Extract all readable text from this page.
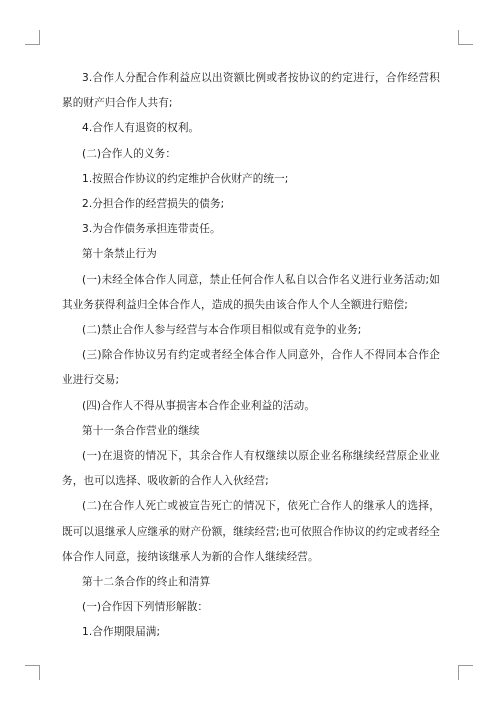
3.合作人分配合作利益应以出资额比例或者按协议的约定进行，合作经营积累的财产归合作人共有;

4.合作人有退资的权利。

(二)合作人的义务：

1.按照合作协议的约定维护合伙财产的统一;

2.分担合作的经营损失的债务;

3.为合作债务承担连带责任。

第十条禁止行为

(一)未经全体合作人同意，禁止任何合作人私自以合作名义进行业务活动;如其业务获得利益归全体合作人，造成的损失由该合作人个人全额进行赔偿;

(二)禁止合作人参与经营与本合作项目相似或有竞争的业务;

(三)除合作协议另有约定或者经全体合作人同意外，合作人不得同本合作企业进行交易;

(四)合作人不得从事损害本合作企业利益的活动。

第十一条合作营业的继续

(一)在退资的情况下，其余合作人有权继续以原企业名称继续经营原企业业务，也可以选择、吸收新的合作人入伙经营;

(二)在合作人死亡或被宣告死亡的情况下，依死亡合作人的继承人的选择，既可以退继承人应继承的财产份额，继续经营;也可依照合作协议的约定或者经全体合作人同意，接纳该继承人为新的合作人继续经营。

第十二条合作的终止和清算

(一)合作因下列情形解散：

1.合作期限届满;
